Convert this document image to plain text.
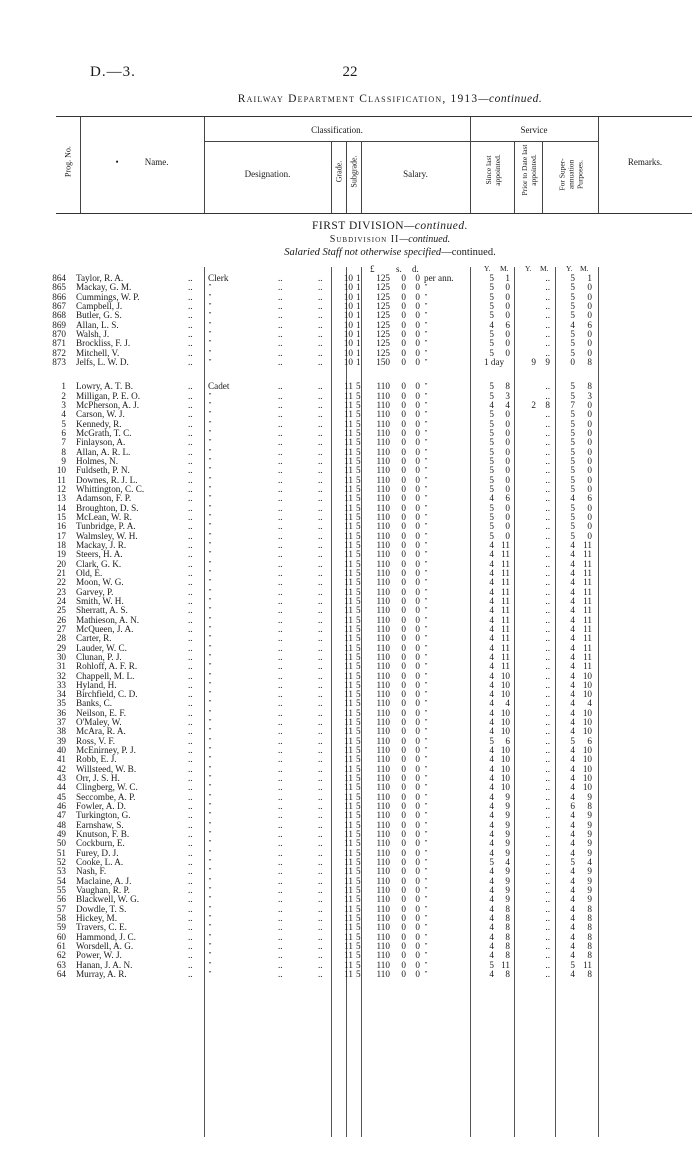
D.—3.	22
Railway Department Classification, 1913—continued.
Prog. No.	•	Name.
Classification.
Designation.	Grade. Subgrade.	Salary.
Service
Since last appointed. Prior to Date last appointed.	For Super-annuation Purposes.	Remarks.
FIRST DIVISION—continued.
Subdivision II—continued.
Salaried Staff not otherwise specified—continued.
£ s. d.	Y. M. Y. M. Y. M.
864 Taylor, R. A.	Clerk	10 1	125	0	0 per ann.	5	1	..	5	1
..	..	..
865 Mackay, G. M.	"	10 1	125	0	0 "	5	0	..	5	0
..	..	..
866 Cummings, W. P.	"	10 1	125	0	0 "	5	0	..	5	0
..	..	..
867 Campbell, J.	"	10 1	125	0	0 "	5	0	..	5	0
..	..	..
868 Butler, G. S.	"	10 1	125	0	0 "	5	0	..	5	0
..	..	..
869 Allan, L. S.	"	10 1	125	0	0 "	4	6	..	4	6
..	..	..
870 Walsh, J.	"	10 1	125	0	0 "	5	0	..	5	0
..	..	..
871 Brockliss, F. J.	"	10 1	125	0	0 "	5	0	..	5	0
..	..	..
872 Mitchell, V.	"	10 1	125	0	0 "	5	0	..	5	0
..	..	..
873 Jelfs, L. W. D.	"	10 1	150	0	0 "	1 day	9	9	0	8
..	..	..
1 Lowry, A. T. B.	Cadet	11 5	110	0	0 "	5	8	..	5	8
..	..	..
2 Milligan, P. E. O.	"	11 5	110	0	0 "	5	3	..	5	3
..	..	..
3 McPherson, A. J.	"	11 5	110	0	0 "	4	4	2	8	7	0
..	..	..
4 Carson, W. J.	"	11 5	110	0	0 "	5	0	..	5	0
..	..	..
5 Kennedy, R.	"	11 5	110	0	0 "	5	0	..	5	0
..	..	..
6 McGrath, T. C.	"	11 5	110	0	0 "	5	0	..	5	0
..	..	..
7 Finlayson, A.	"	11 5	110	0	0 "	5	0	..	5	0
..	..	..
8 Allan, A. R. L.	"	11 5	110	0	0 "	5	0	..	5	0
..	..	..
9 Holmes, N.	"	11 5	110	0	0 "	5	0	..	5	0
..	..	..
10 Fuldseth, P. N.	"	11 5	110	0	0 "	5	0	..	5	0
..	..	..
11 Downes, R. J. L.	"	11 5	110	0	0 "	5	0	..	5	0
..	..	..
12 Whittington, C. C.	"	11 5	110	0	0 "	5	0	..	5	0
..	..	..
13 Adamson, F. P.	"	11 5	110	0	0 "	4	6	..	4	6
..	..	..
14 Broughton, D. S.	"	11 5	110	0	0 "	5	0	..	5	0
..	..	..
15 McLean, W. R.	"	11 5	110	0	0 "	5	0	..	5	0
..	..	..
16 Tunbridge, P. A.	"	11 5	110	0	0 "	5	0	..	5	0
..	..	..
17 Walmsley, W. H.	"	11 5	110	0	0 "	5	0	..	5	0
..	..	..
18 Mackay, J. R.	"	11 5	110	0	0 "	4 11	..	4 11
..	..	..
19 Steers, H. A.	"	11 5	110	0	0 "	4 11	..	4 11
..	..	..
20 Clark, G. K.	"	11 5	110	0	0 "	4 11	..	4 11
..	..	..
21 Old, E.	"	11 5	110	0	0 "	4 11	..	4 11
..	..	..
22 Moon, W. G.	"	11 5	110	0	0 "	4 11	..	4 11
..	..	..
23 Garvey, P.	"	11 5	110	0	0 "	4 11	..	4 11
..	..	..
24 Smith, W. H.	"	11 5	110	0	0 "	4 11	..	4 11
..	..	..
25 Sherratt, A. S.	"	11 5	110	0	0 "	4 11	..	4 11
..	..	..
26 Mathieson, A. N.	"	11 5	110	0	0 "	4 11	..	4 11
..	..	..
27 McQueen, J. A.	"	11 5	110	0	0 "	4 11	..	4 11
..	..	..
28 Carter, R.	"	11 5	110	0	0 "	4 11	..	4 11
..	..	..
29 Lauder, W. C.	"	11 5	110	0	0 "	4 11	..	4 11
..	..	..
30 Clunan, P. J.	"	11 5	110	0	0 "	4 11	..	4 11
..	..	..
31 Rohloff, A. F. R.	"	11 5	110	0	0 "	4 11	..	4 11
..	..	..
32 Chappell, M. L.	"	11 5	110	0	0 "	4 10	..	4 10
..	..	..
33 Hyland, H.	"	11 5	110	0	0 "	4 10	..	4 10
..	..	..
34 Birchfield, C. D.	"	11 5	110	0	0 "	4 10	..	4 10
..	..	..
35 Banks, C.	"	11 5	110	0	0 "	4	4	..	4	4
..	..	..
36 Neilson, E. F.	"	11 5	110	0	0 "	4 10	..	4 10
..	..	..
37 O'Maley, W.	"	11 5	110	0	0 "	4 10	..	4 10
..	..	..
38 McAra, R. A.	"	11 5	110	0	0 "	4 10	..	4 10
..	..	..
39 Ross, V. F.	"	11 5	110	0	0 "	5	6	..	5	6
..	..	..
40 McEnirney, P. J.	"	11 5	110	0	0 "	4 10	..	4 10
..	..	..
41 Robb, E. J.	"	11 5	110	0	0 "	4 10	..	4 10
..	..	..
42 Willsteed, W. B.	"	11 5	110	0	0 "	4 10	..	4 10
..	..	..
43 Orr, J. S. H.	"	11 5	110	0	0 "	4 10	..	4 10
..	..	..
44 Clingberg, W. C.	"	11 5	110	0	0 "	4 10	..	4 10
..	..	..
45 Seccombe, A. P.	"	11 5	110	0	0 "	4	9	..	4	9
..	..	..
46 Fowler, A. D.	"	11 5	110	0	0 "	4	9	..	6	8
..	..	..
47 Turkington, G.	"	11 5	110	0	0 "	4	9	..	4	9
..	..	..
48 Earnshaw, S.	"	11 5	110	0	0 "	4	9	..	4	9
..	..	..
49 Knutson, F. B.	"	11 5	110	0	0 "	4	9	..	4	9
..	..	..
50 Cockburn, E.	"	11 5	110	0	0 "	4	9	..	4	9
..	..	..
51 Furey, D. J.	"	11 5	110	0	0 "	4	9	..	4	9
..	..	..
52 Cooke, L. A.	"	11 5	110	0	0 "	5	4	..	5	4
..	..	..
53 Nash, F.	"	11 5	110	0	0 "	4	9	..	4	9
..	..	..
54 Maclaine, A. J.	"	11 5	110	0	0 "	4	9	..	4	9
..	..	..
55 Vaughan, R. P.	"	11 5	110	0	0 "	4	9	..	4	9
..	..	..
56 Blackwell, W. G.	"	11 5	110	0	0 "	4	9	..	4	9
..	..	..
57 Dowdle, T. S.	"	11 5	110	0	0 "	4	8	..	4	8
..	..	..
58 Hickey, M.	"	11 5	110	0	0 "	4	8	..	4	8
..	..	..
59 Travers, C. E.	"	11 5	110	0	0 "	4	8	..	4	8
..	..	..
60 Hammond, J. C.	"	11 5	110	0	0 "	4	8	..	4	8
..	..	..
61 Worsdell, A. G.	"	11 5	110	0	0 "	4	8	..	4	8
..	..	..
62 Power, W. J.	"	11 5	110	0	0 "	4	8	..	4	8
..	..	..
63 Hanan, J. A. N.	"	11 5	110	0	0 "	5 11	..	5 11
..	..	..
64 Murray, A. R.	"	11 5	110	0	0 "	4	8	..	4	8
..	..	..
